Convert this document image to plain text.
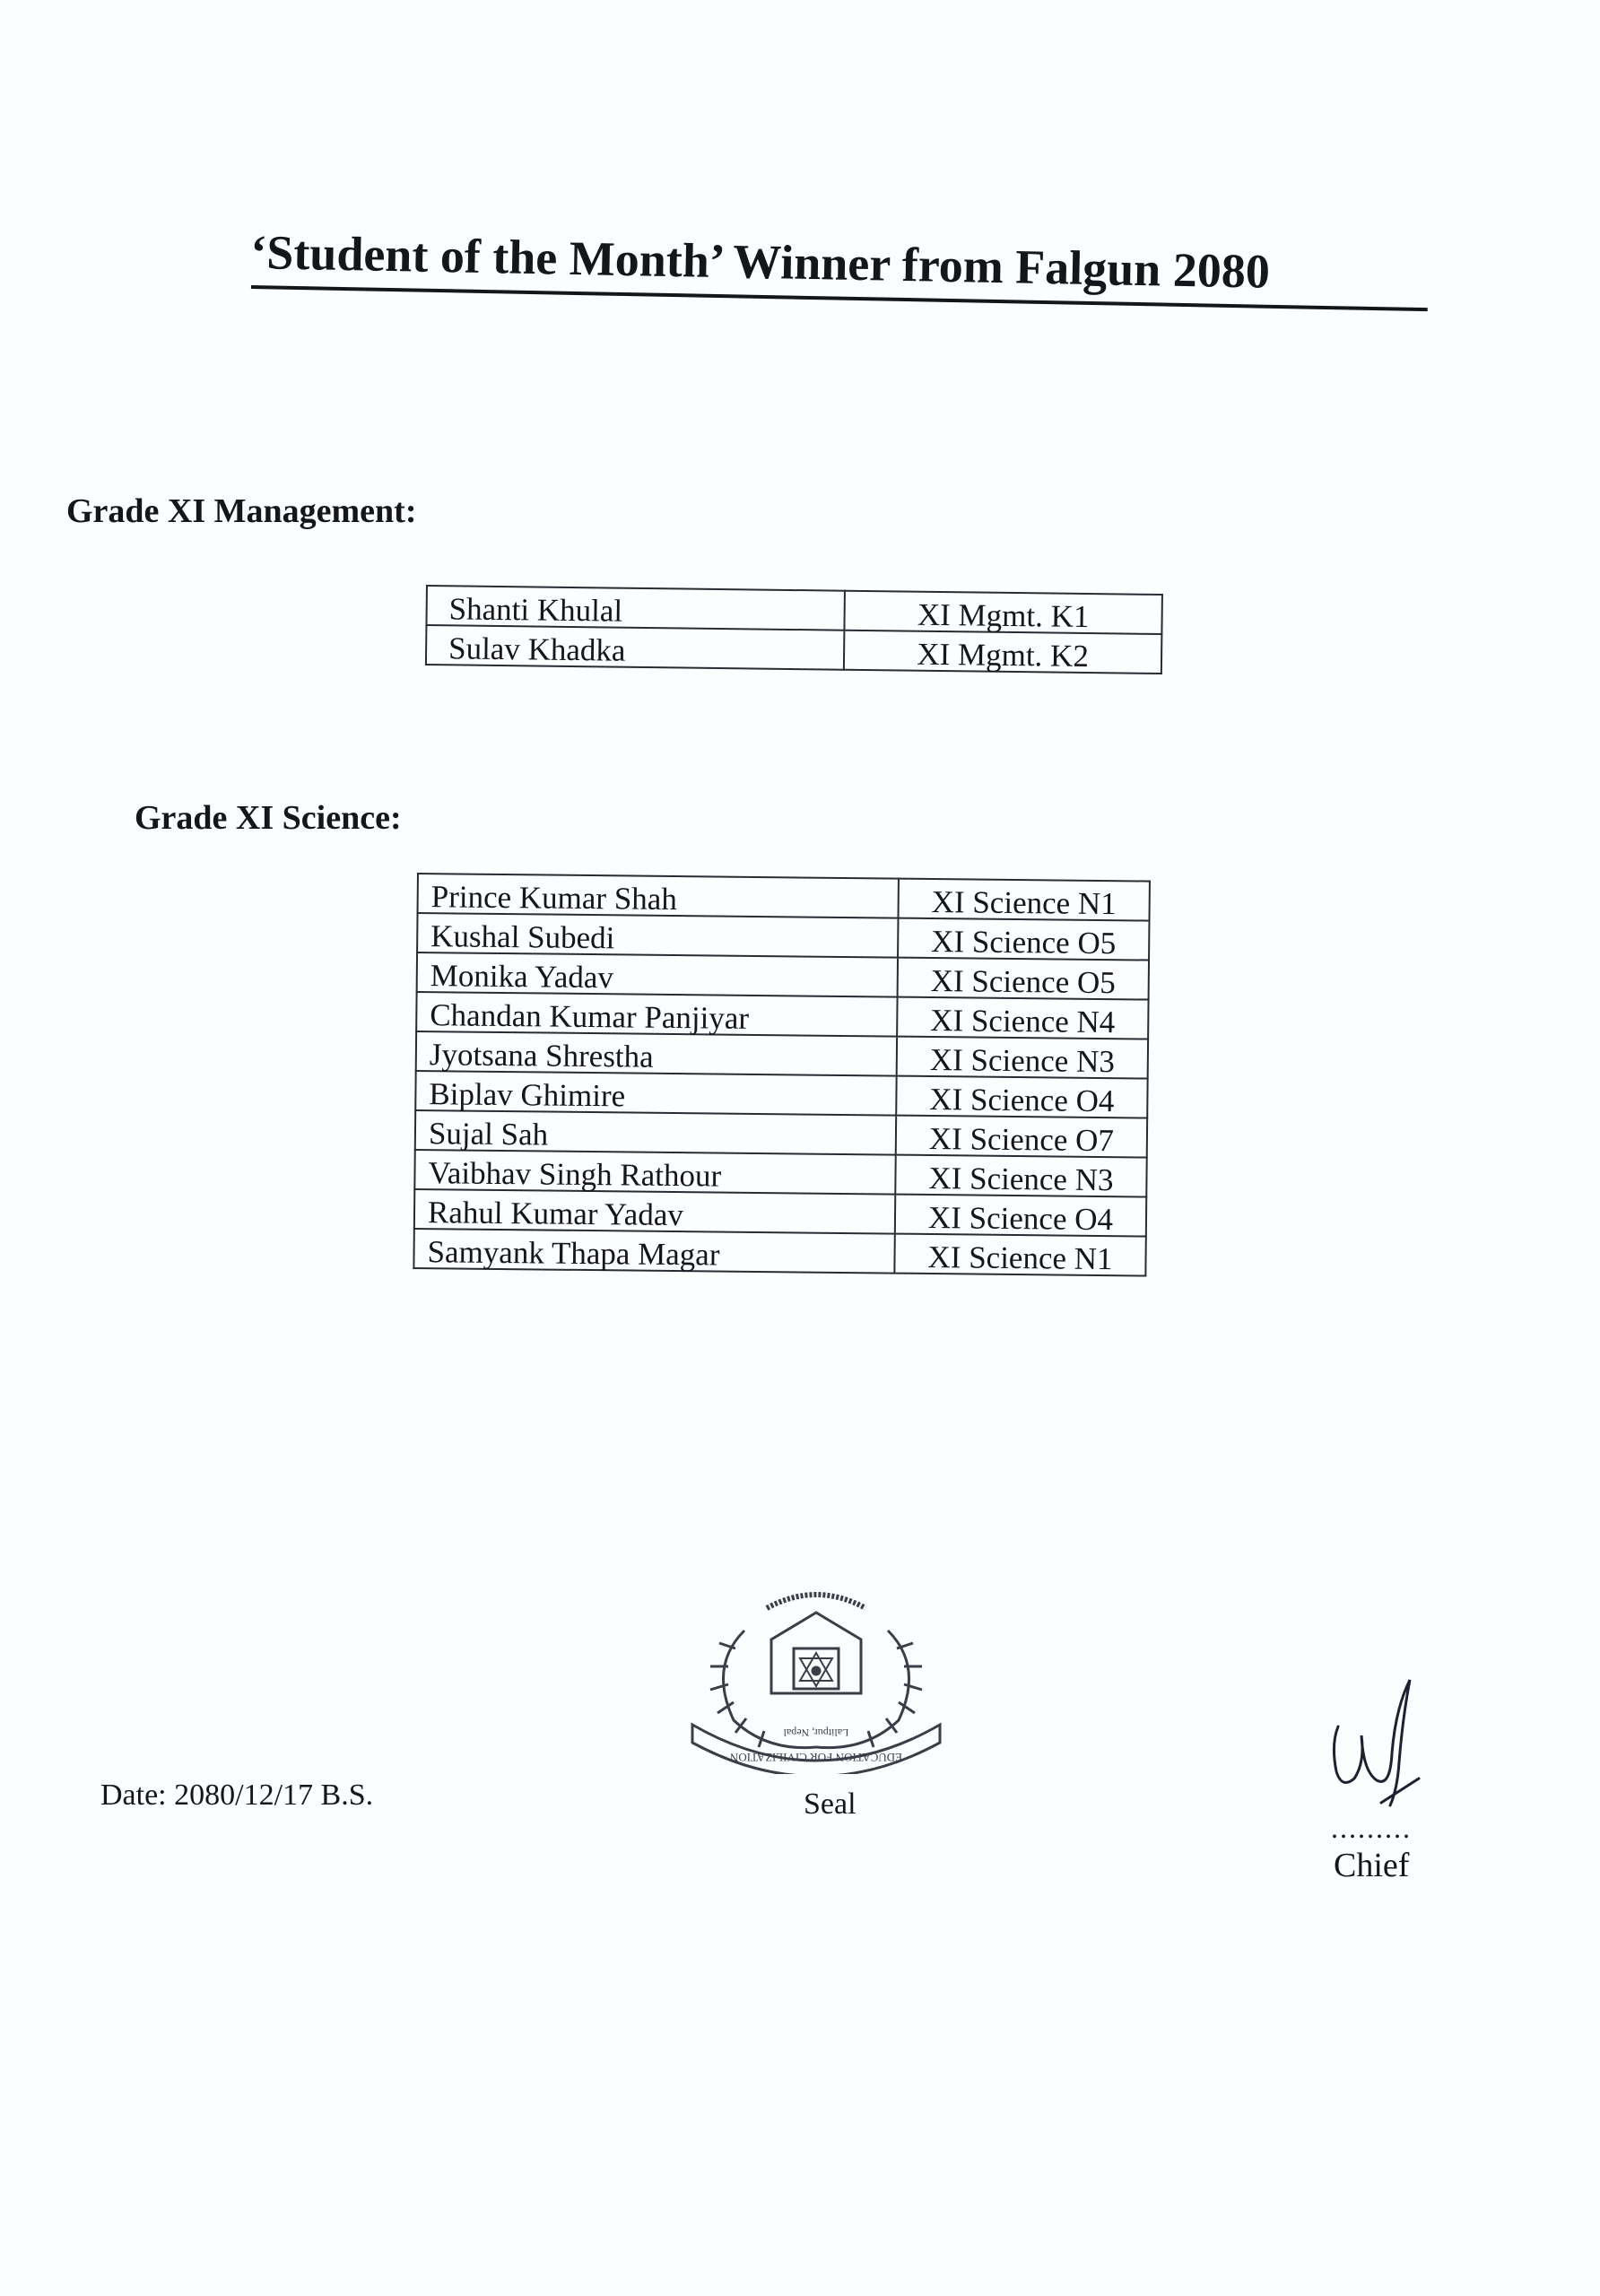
‘Student of the Month’ Winner from Falgun 2080
Grade XI Management:
Shanti Khulal	XI Mgmt. K1
Sulav Khadka	XI Mgmt. K2
Grade XI Science:
Prince Kumar Shah	XI Science N1
Kushal Subedi	XI Science O5
Monika Yadav	XI Science O5
Chandan Kumar Panjiyar	XI Science N4
Jyotsana Shrestha	XI Science N3
Biplav Ghimire	XI Science O4
Sujal Sah	XI Science O7
Vaibhav Singh Rathour	XI Science N3
Rahul Kumar Yadav	XI Science O4
Samyank Thapa Magar	XI Science N1
Date: 2080/12/17 B.S.
EDUCATION FOR CIVILIZATION
Lalitpur, Nepal
Seal
.........
Chief
